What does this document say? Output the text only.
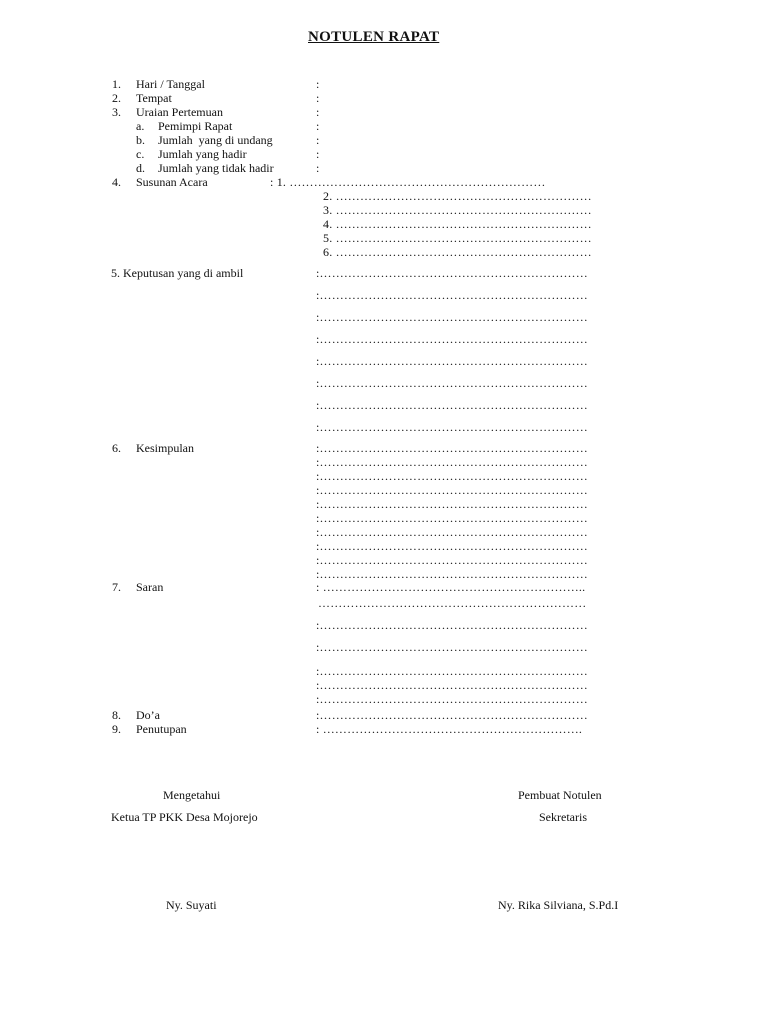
NOTULEN RAPAT
1. Hari / Tanggal	:
2. Tempat	:
3. Uraian Pertemuan	:
a. Pemimpi Rapat	:
b. Jumlah  yang di undang	:
c. Jumlah yang hadir	:
d. Jumlah yang tidak hadir	:
4. Susunan Acara	: 1. ………………………………………………………
2. ………………………………………………………
3. ………………………………………………………
4. ………………………………………………………
5. ………………………………………………………
6. ………………………………………………………
5. Keputusan yang di ambil	:…………………………………………………………
:…………………………………………………………
:…………………………………………………………
:…………………………………………………………
:…………………………………………………………
:…………………………………………………………
:…………………………………………………………
:…………………………………………………………
6. Kesimpulan	:…………………………………………………………
:…………………………………………………………
:…………………………………………………………
:…………………………………………………………
:…………………………………………………………
:…………………………………………………………
:…………………………………………………………
:…………………………………………………………
:…………………………………………………………
:…………………………………………………………
7. Saran	: ………………………………………………………..
…………………………………………………………
:…………………………………………………………
:…………………………………………………………
:…………………………………………………………
:…………………………………………………………
:…………………………………………………………
8. Do’a	:…………………………………………………………
9. Penutupan	: ……………………………………………………….
Mengetahui
Ketua TP PKK Desa Mojorejo
Ny. Suyati
Pembuat Notulen
Sekretaris
Ny. Rika Silviana, S.Pd.I
